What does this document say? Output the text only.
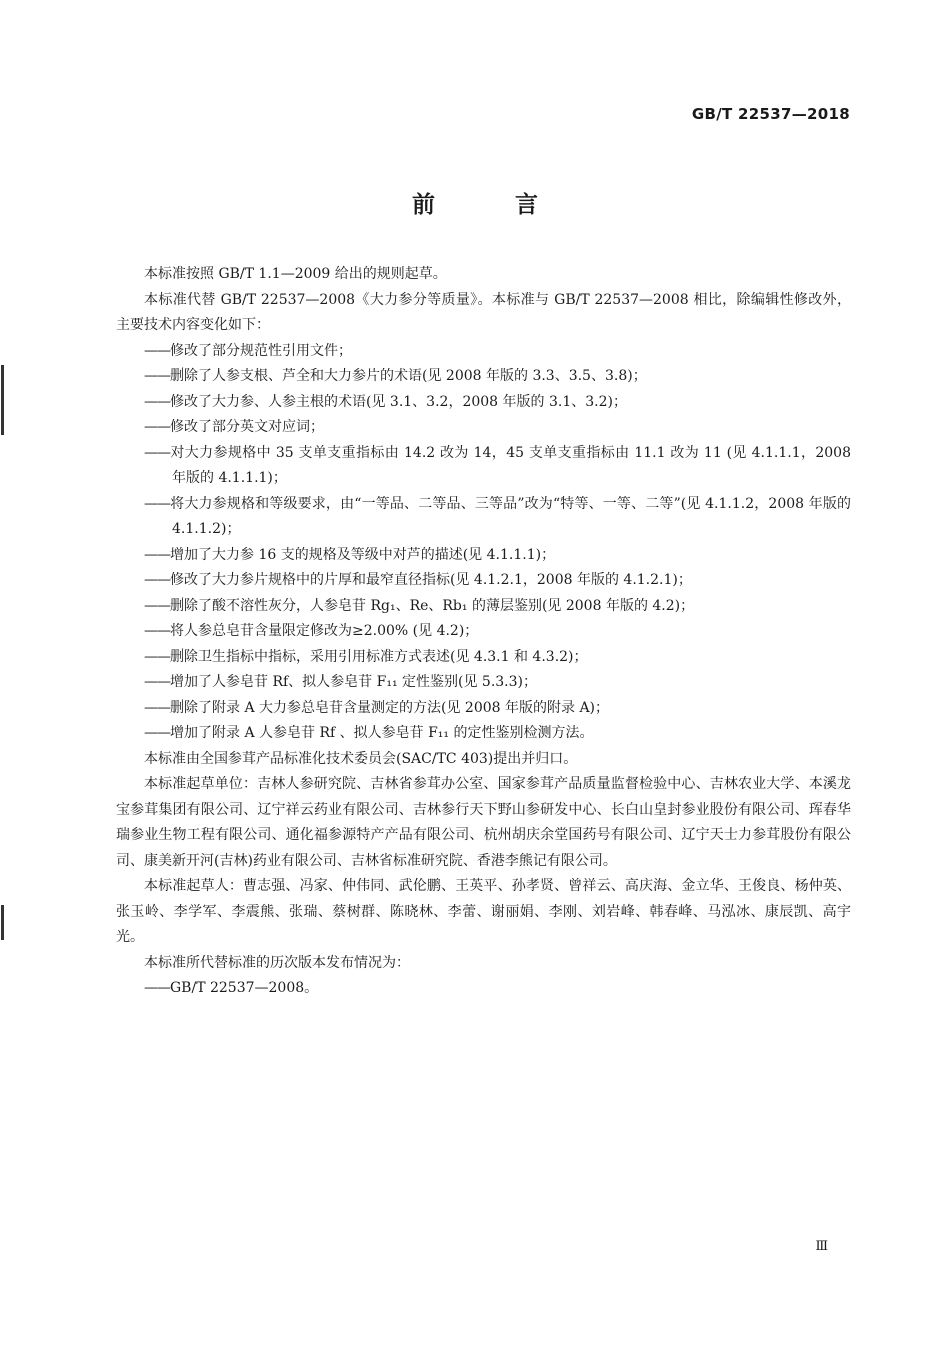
GB/T 22537—2018
前 言

本标准按照 GB/T 1.1—2009 给出的规则起草。

本标准代替 GB/T 22537—2008《大力参分等质量》。本标准与 GB/T 22537—2008 相比，除编辑性修改外，主要技术内容变化如下：

——修改了部分规范性引用文件；

——删除了人参支根、芦全和大力参片的术语(见 2008 年版的 3.3、3.5、3.8)；

——修改了大力参、人参主根的术语(见 3.1、3.2，2008 年版的 3.1、3.2)；

——修改了部分英文对应词；

——对大力参规格中 35 支单支重指标由 14.2 改为 14，45 支单支重指标由 11.1 改为 11 (见 4.1.1.1，2008 年版的 4.1.1.1)；

——将大力参规格和等级要求，由“一等品、二等品、三等品”改为“特等、一等、二等”(见 4.1.1.2，2008 年版的 4.1.1.2)；

——增加了大力参 16 支的规格及等级中对芦的描述(见 4.1.1.1)；

——修改了大力参片规格中的片厚和最窄直径指标(见 4.1.2.1，2008 年版的 4.1.2.1)；

——删除了酸不溶性灰分，人参皂苷 Rg₁、Re、Rb₁ 的薄层鉴别(见 2008 年版的 4.2)；

——将人参总皂苷含量限定修改为≥2.00% (见 4.2)；

——删除卫生指标中指标，采用引用标准方式表述(见 4.3.1 和 4.3.2)；

——增加了人参皂苷 Rf、拟人参皂苷 F₁₁ 定性鉴别(见 5.3.3)；

——删除了附录 A 大力参总皂苷含量测定的方法(见 2008 年版的附录 A)；

——增加了附录 A 人参皂苷 Rf 、拟人参皂苷 F₁₁ 的定性鉴别检测方法。

本标准由全国参茸产品标准化技术委员会(SAC/TC 403)提出并归口。

本标准起草单位：吉林人参研究院、吉林省参茸办公室、国家参茸产品质量监督检验中心、吉林农业大学、本溪龙宝参茸集团有限公司、辽宁祥云药业有限公司、吉林参行天下野山参研发中心、长白山皇封参业股份有限公司、珲春华瑞参业生物工程有限公司、通化福参源特产产品有限公司、杭州胡庆余堂国药号有限公司、辽宁天士力参茸股份有限公司、康美新开河(吉林)药业有限公司、吉林省标准研究院、香港李熊记有限公司。

本标准起草人：曹志强、冯家、仲伟同、武伦鹏、王英平、孙孝贤、曾祥云、高庆海、金立华、王俊良、杨仲英、张玉岭、李学军、李震熊、张瑞、蔡树群、陈晓林、李蕾、谢丽娟、李刚、刘岩峰、韩春峰、马泓冰、康辰凯、高宇光。

本标准所代替标准的历次版本发布情况为：

——GB/T 22537—2008。

Ⅲ
